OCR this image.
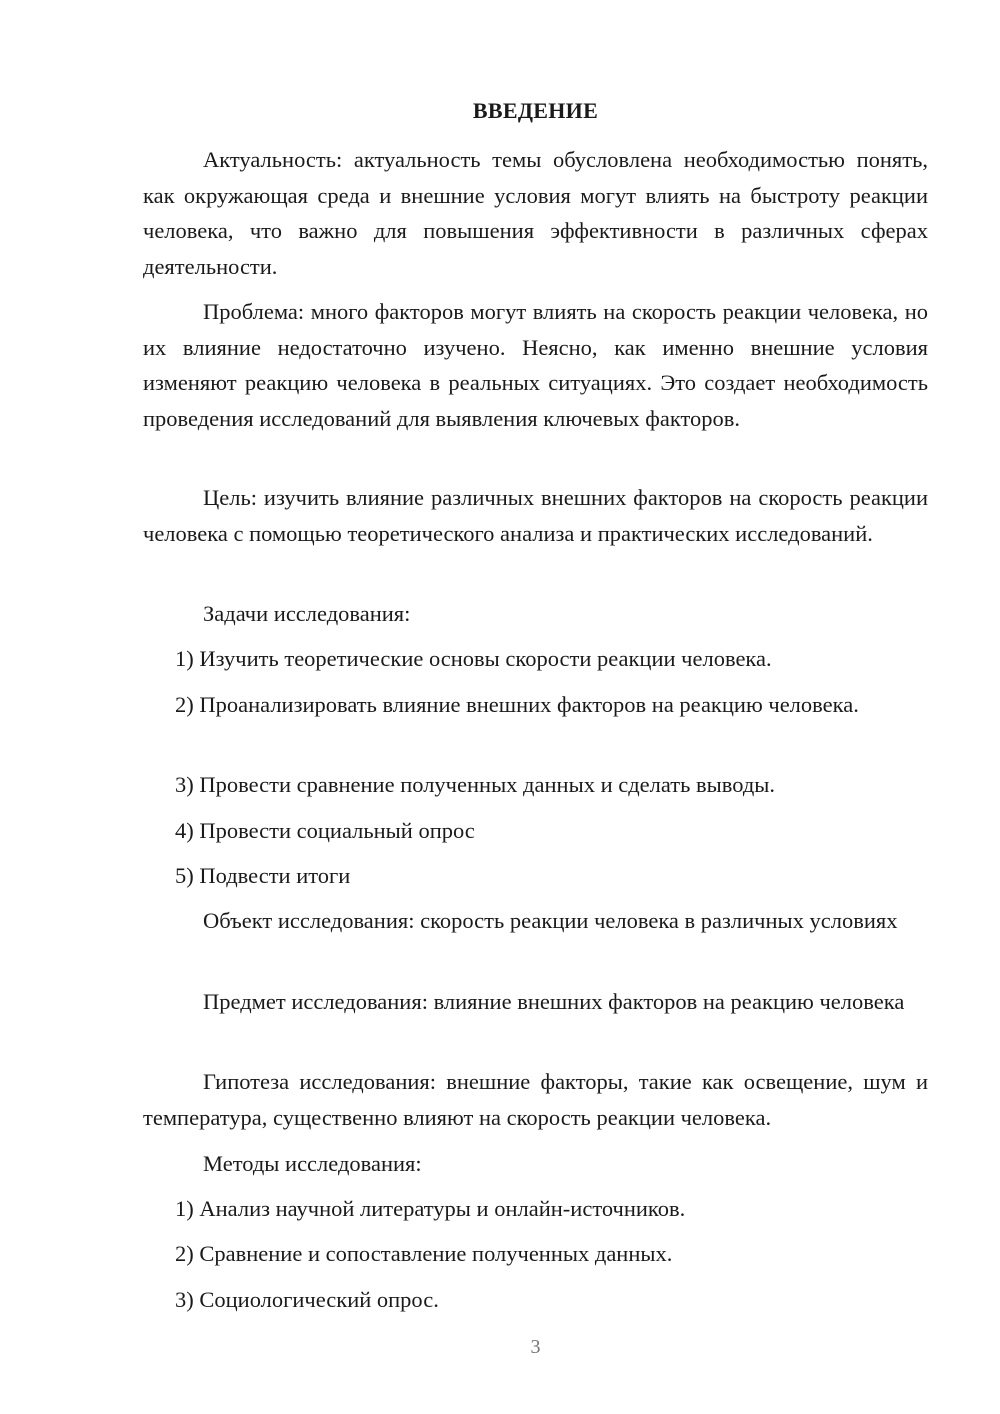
ВВЕДЕНИЕ

Актуальность: актуальность темы обусловлена необходимостью понять, как окружающая среда и внешние условия могут влиять на быстроту реакции человека, что важно для повышения эффективности в различных сферах деятельности.

Проблема: много факторов могут влиять на скорость реакции человека, но их влияние недостаточно изучено. Неясно, как именно внешние условия изменяют реакцию человека в реальных ситуациях. Это создает необходимость проведения исследований для выявления ключевых факторов.

Цель: изучить влияние различных внешних факторов на скорость реакции человека с помощью теоретического анализа и практических исследований.

Задачи исследования:

1) Изучить теоретические основы скорости реакции человека.

2) Проанализировать влияние внешних факторов на реакцию человека.

3) Провести сравнение полученных данных и сделать выводы.

4) Провести социальный опрос

5) Подвести итоги

Объект исследования: скорость реакции человека в различных условиях

Предмет исследования: влияние внешних факторов на реакцию человека

Гипотеза исследования: внешние факторы, такие как освещение, шум и температура, существенно влияют на скорость реакции человека.

Методы исследования:

1) Анализ научной литературы и онлайн-источников.

2) Сравнение и сопоставление полученных данных.

3) Социологический опрос.

3
